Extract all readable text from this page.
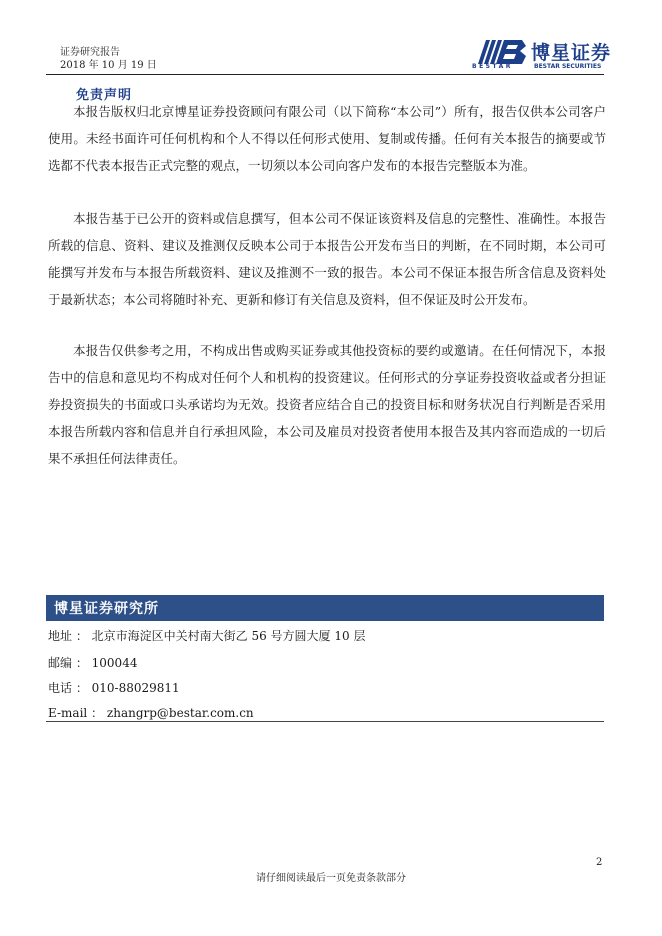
证券研究报告
2018 年 10 月 19 日
博星证券
BESTAR	BESTAR SECURITIES
免责声明

本报告版权归北京博星证券投资顾问有限公司（以下简称“本公司”）所有，报告仅供本公司客户使用。未经书面许可任何机构和个人不得以任何形式使用、复制或传播。任何有关本报告的摘要或节选都不代表本报告正式完整的观点，一切须以本公司向客户发布的本报告完整版本为准。

本报告基于已公开的资料或信息撰写，但本公司不保证该资料及信息的完整性、准确性。本报告所载的信息、资料、建议及推测仅反映本公司于本报告公开发布当日的判断，在不同时期，本公司可能撰写并发布与本报告所载资料、建议及推测不一致的报告。本公司不保证本报告所含信息及资料处于最新状态；本公司将随时补充、更新和修订有关信息及资料，但不保证及时公开发布。

本报告仅供参考之用，不构成出售或购买证券或其他投资标的要约或邀请。在任何情况下，本报告中的信息和意见均不构成对任何个人和机构的投资建议。任何形式的分享证券投资收益或者分担证券投资损失的书面或口头承诺均为无效。投资者应结合自己的投资目标和财务状况自行判断是否采用本报告所载内容和信息并自行承担风险，本公司及雇员对投资者使用本报告及其内容而造成的一切后果不承担任何法律责任。

博星证券研究所
地址 ： 北京市海淀区中关村南大街乙 56 号方圆大厦 10 层
邮编 ： 100044
电话 ： 010-88029811
E-mail ： zhangrp@bestar.com.cn
2
请仔细阅读最后一页免责条款部分
